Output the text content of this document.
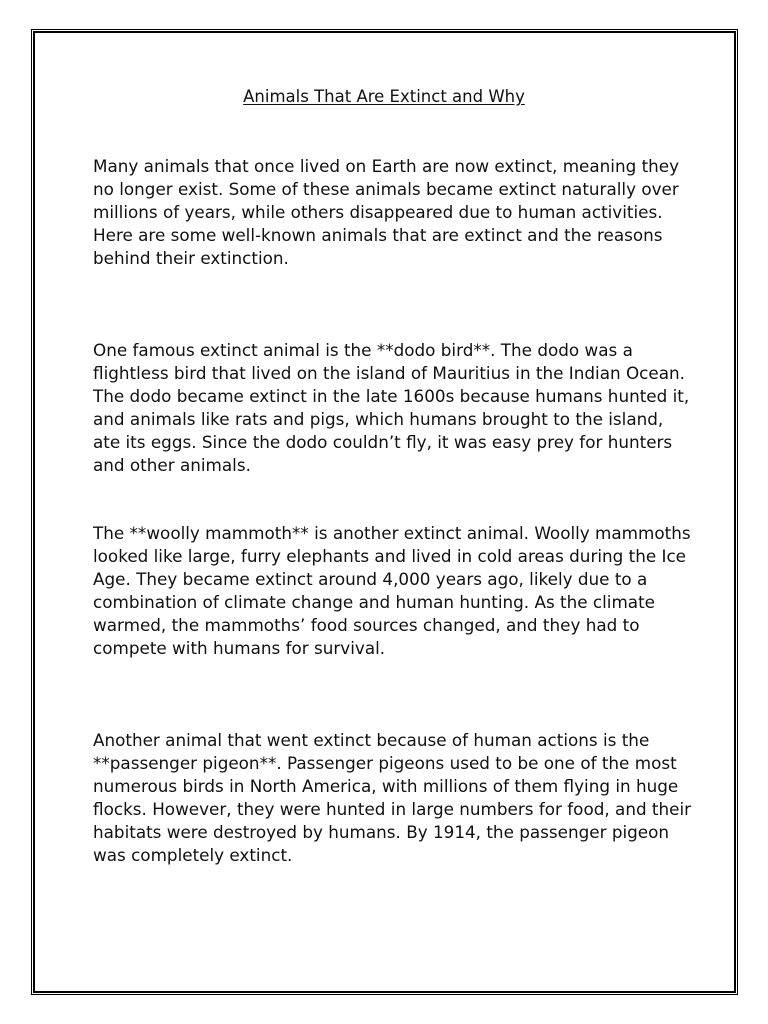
Animals That Are Extinct and Why

Many animals that once lived on Earth are now extinct, meaning they no longer exist. Some of these animals became extinct naturally over millions of years, while others disappeared due to human activities. Here are some well-known animals that are extinct and the reasons behind their extinction.

One famous extinct animal is the **dodo bird**. The dodo was a flightless bird that lived on the island of Mauritius in the Indian Ocean. The dodo became extinct in the late 1600s because humans hunted it, and animals like rats and pigs, which humans brought to the island, ate its eggs. Since the dodo couldn’t fly, it was easy prey for hunters and other animals.

The **woolly mammoth** is another extinct animal. Woolly mammoths looked like large, furry elephants and lived in cold areas during the Ice Age. They became extinct around 4,000 years ago, likely due to a combination of climate change and human hunting. As the climate warmed, the mammoths’ food sources changed, and they had to compete with humans for survival.

Another animal that went extinct because of human actions is the **passenger pigeon**. Passenger pigeons used to be one of the most numerous birds in North America, with millions of them flying in huge flocks. However, they were hunted in large numbers for food, and their habitats were destroyed by humans. By 1914, the passenger pigeon was completely extinct.
